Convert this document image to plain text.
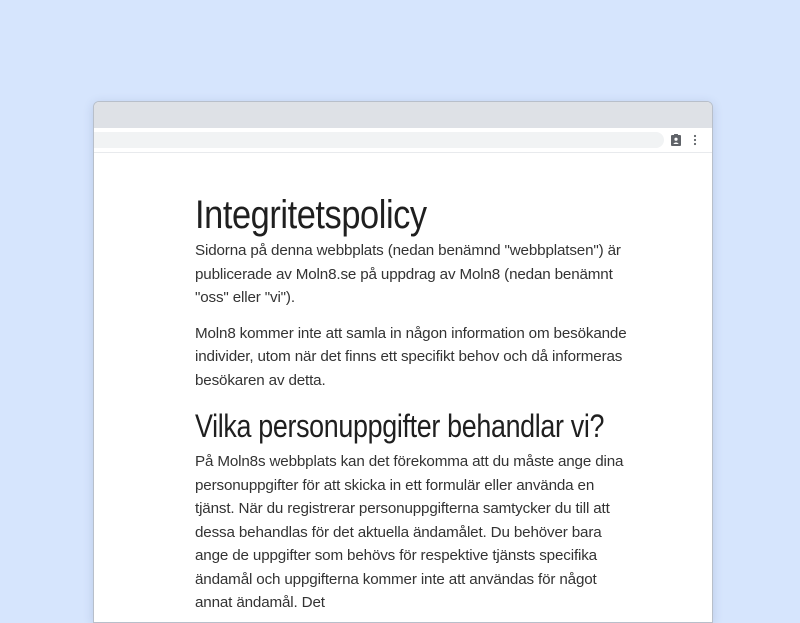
Integritetspolicy

Sidorna på denna webbplats (nedan benämnd "webbplatsen") är publicerade av Moln8.se på uppdrag av Moln8 (nedan benämnt "oss" eller "vi").

Moln8 kommer inte att samla in någon information om besökande individer, utom när det finns ett specifikt behov och då informeras besökaren av detta.

Vilka personuppgifter behandlar vi?

På Moln8s webbplats kan det förekomma att du måste ange dina personuppgifter för att skicka in ett formulär eller använda en tjänst. När du registrerar personuppgifterna samtycker du till att dessa behandlas för det aktuella ändamålet. Du behöver bara ange de uppgifter som behövs för respektive tjänsts specifika ändamål och uppgifterna kommer inte att användas för något annat ändamål. Det
